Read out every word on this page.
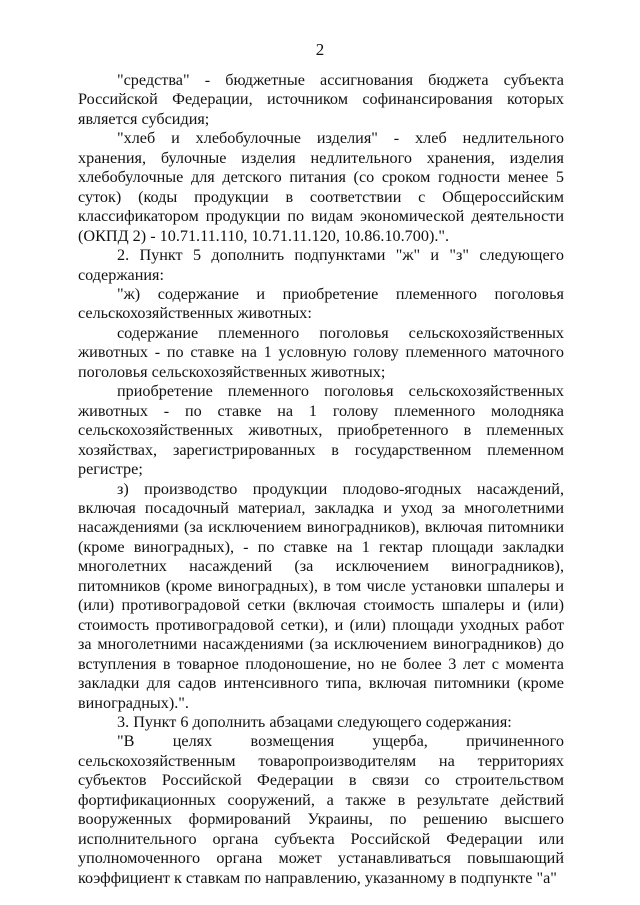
2

"средства" - бюджетные ассигнования бюджета субъекта Российской Федерации, источником софинансирования которых является субсидия;

"хлеб и хлебобулочные изделия" - хлеб недлительного хранения, булочные изделия недлительного хранения, изделия хлебобулочные для детского питания (со сроком годности менее 5 суток) (коды продукции в соответствии с Общероссийским классификатором продукции по видам экономической деятельности (ОКПД 2) - 10.71.11.110, 10.71.11.120, 10.86.10.700).".

2. Пункт 5 дополнить подпунктами "ж" и "з" следующего содержания:

"ж) содержание и приобретение племенного поголовья сельскохозяйственных животных:

содержание племенного поголовья сельскохозяйственных животных - по ставке на 1 условную голову племенного маточного поголовья сельскохозяйственных животных;

приобретение племенного поголовья сельскохозяйственных животных - по ставке на 1 голову племенного молодняка сельскохозяйственных животных, приобретенного в племенных хозяйствах, зарегистрированных в государственном племенном регистре;

з) производство продукции плодово-ягодных насаждений, включая посадочный материал, закладка и уход за многолетними насаждениями (за исключением виноградников), включая питомники (кроме виноградных), - по ставке на 1 гектар площади закладки многолетних насаждений (за исключением виноградников), питомников (кроме виноградных), в том числе установки шпалеры и (или) противоградовой сетки (включая стоимость шпалеры и (или) стоимость противоградовой сетки), и (или) площади уходных работ за многолетними насаждениями (за исключением виноградников) до вступления в товарное плодоношение, но не более 3 лет с момента закладки для садов интенсивного типа, включая питомники (кроме виноградных).".

3. Пункт 6 дополнить абзацами следующего содержания:

"В целях возмещения ущерба, причиненного сельскохозяйственным товаропроизводителям на территориях субъектов Российской Федерации в связи со строительством фортификационных сооружений, а также в результате действий вооруженных формирований Украины, по решению высшего исполнительного органа субъекта Российской Федерации или уполномоченного органа может устанавливаться повышающий коэффициент к ставкам по направлению, указанному в подпункте "а"
